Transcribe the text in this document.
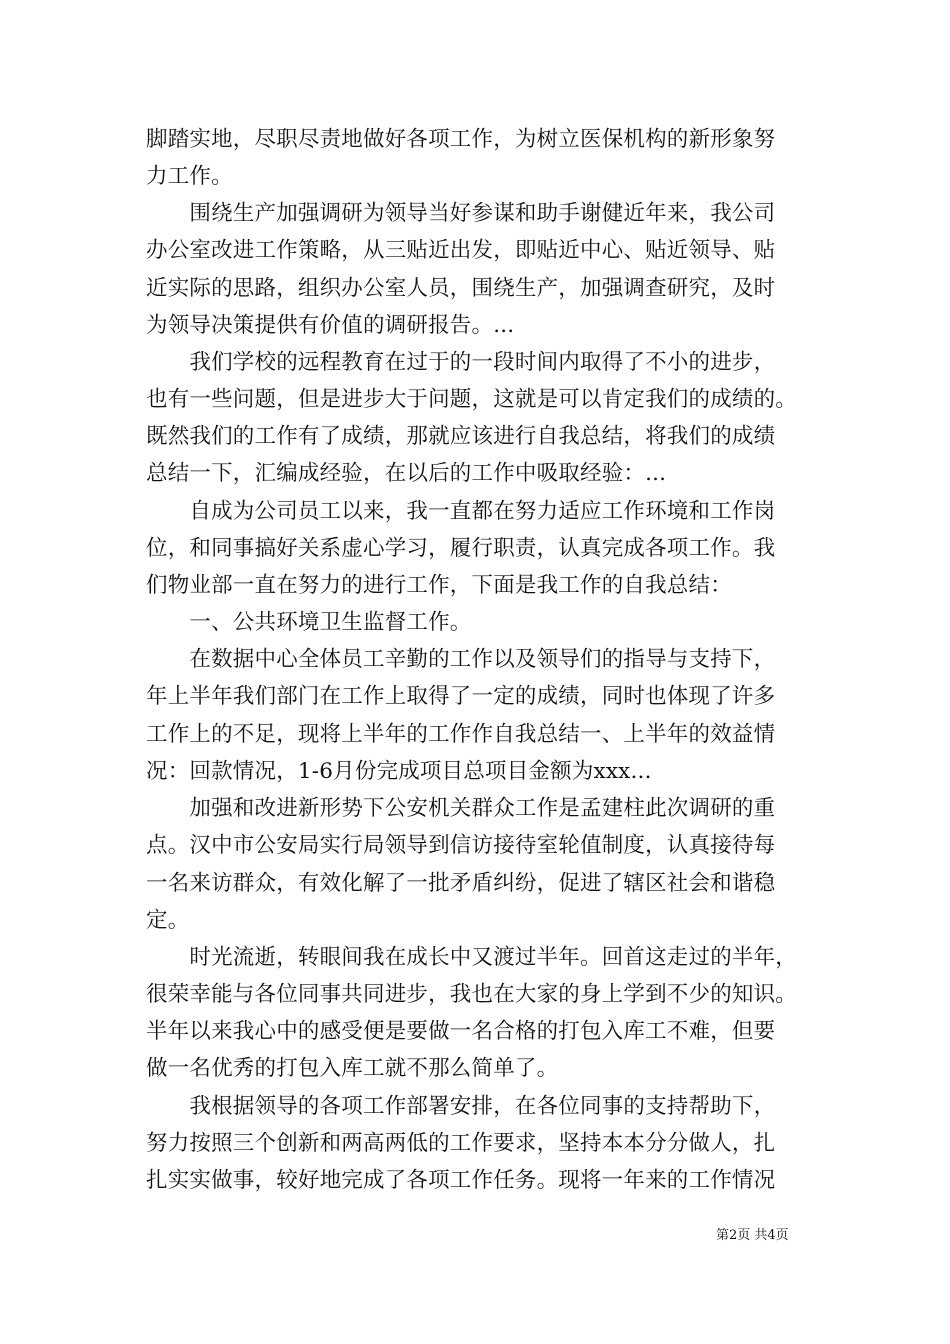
脚踏实地，尽职尽责地做好各项工作，为树立医保机构的新形象努
力工作。
　　围绕生产加强调研为领导当好参谋和助手谢健近年来，我公司
办公室改进工作策略，从三贴近出发，即贴近中心、贴近领导、贴
近实际的思路，组织办公室人员，围绕生产，加强调查研究，及时
为领导决策提供有价值的调研报告。...
　　我们学校的远程教育在过于的一段时间内取得了不小的进步，
也有一些问题，但是进步大于问题，这就是可以肯定我们的成绩的。
既然我们的工作有了成绩，那就应该进行自我总结，将我们的成绩
总结一下，汇编成经验，在以后的工作中吸取经验：...
　　自成为公司员工以来，我一直都在努力适应工作环境和工作岗
位，和同事搞好关系虚心学习，履行职责，认真完成各项工作。我
们物业部一直在努力的进行工作，下面是我工作的自我总结：
　　一、公共环境卫生监督工作。
　　在数据中心全体员工辛勤的工作以及领导们的指导与支持下，
年上半年我们部门在工作上取得了一定的成绩，同时也体现了许多
工作上的不足，现将上半年的工作作自我总结一、上半年的效益情
况：回款情况，1-6月份完成项目总项目金额为xxx...
　　加强和改进新形势下公安机关群众工作是孟建柱此次调研的重
点。汉中市公安局实行局领导到信访接待室轮值制度，认真接待每
一名来访群众，有效化解了一批矛盾纠纷，促进了辖区社会和谐稳
定。
　　时光流逝，转眼间我在成长中又渡过半年。回首这走过的半年，
很荣幸能与各位同事共同进步，我也在大家的身上学到不少的知识。
半年以来我心中的感受便是要做一名合格的打包入库工不难，但要
做一名优秀的打包入库工就不那么简单了。
　　我根据领导的各项工作部署安排，在各位同事的支持帮助下，
努力按照三个创新和两高两低的工作要求，坚持本本分分做人，扎
扎实实做事，较好地完成了各项工作任务。现将一年来的工作情况
第2页 共4页
